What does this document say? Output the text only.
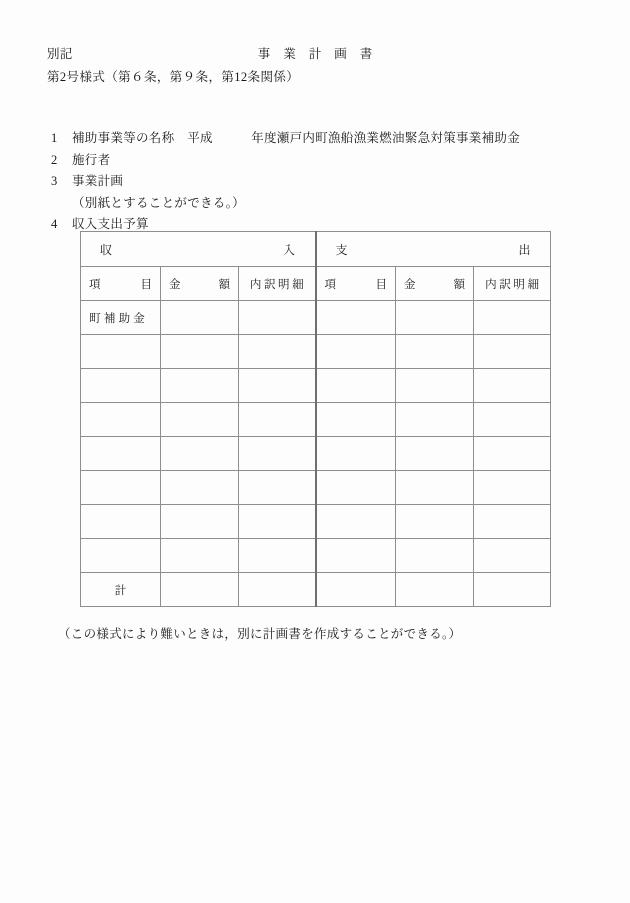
別記
第2号様式（第６条，第９条，第12条関係）
事業計画書
1	補助事業等の名称　平成　　　年度瀬戸内町漁船漁業燃油緊急対策事業補助金
2	施行者
3	事業計画
（別紙とすることができる。）
4	収入支出予算
収 入			支 出		

項 目	金 額	内訳明細	項 目	金 額	内訳明細

町補助金					

計					
（この様式により難いときは，別に計画書を作成することができる。）
